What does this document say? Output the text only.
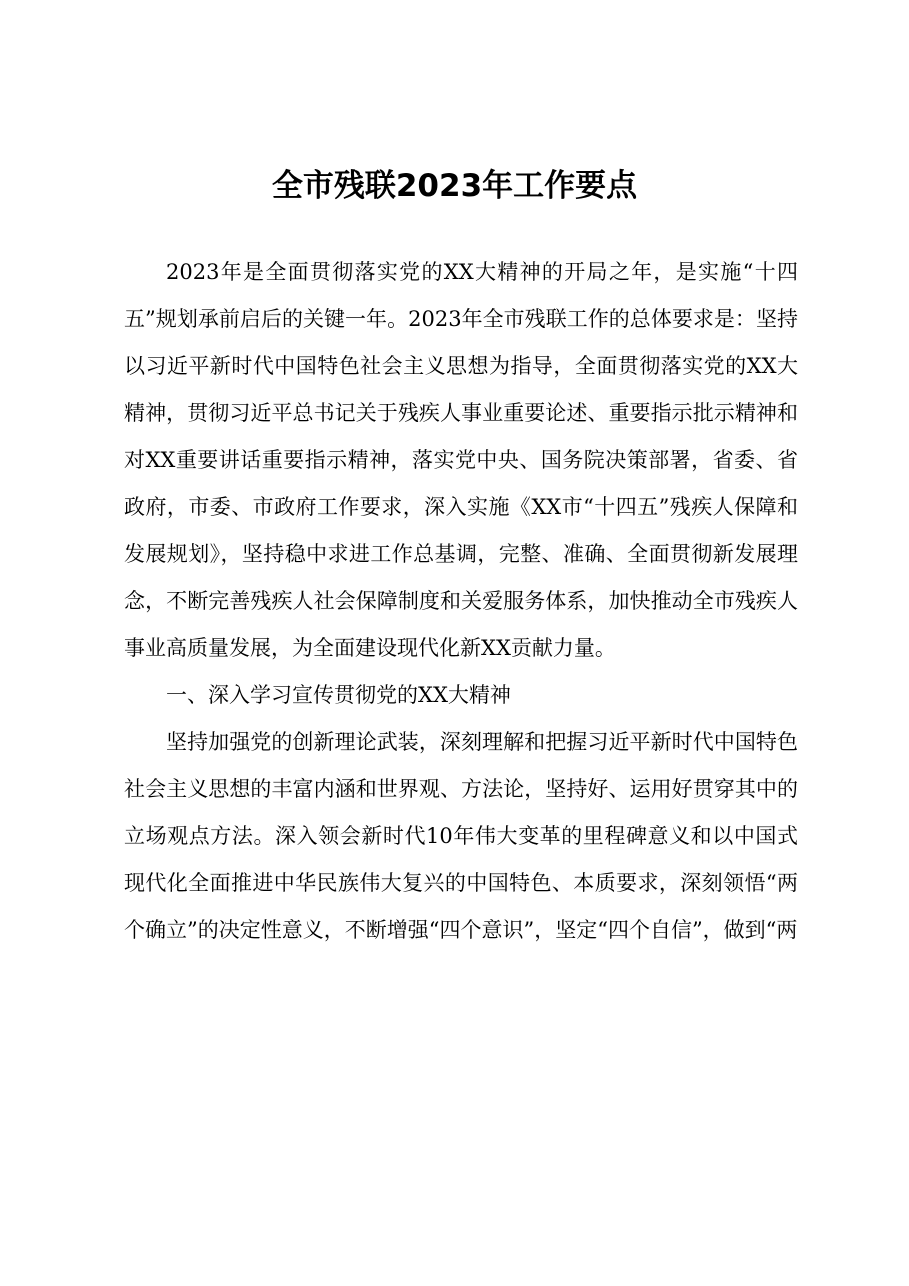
全市残联2023年工作要点

2023年是全面贯彻落实党的XX大精神的开局之年，是实施“十四五”规划承前启后的关键一年。2023年全市残联工作的总体要求是：坚持以习近平新时代中国特色社会主义思想为指导，全面贯彻落实党的XX大精神，贯彻习近平总书记关于残疾人事业重要论述、重要指示批示精神和对XX重要讲话重要指示精神，落实党中央、国务院决策部署，省委、省政府，市委、市政府工作要求，深入实施《XX市“十四五”残疾人保障和发展规划》，坚持稳中求进工作总基调，完整、准确、全面贯彻新发展理念，不断完善残疾人社会保障制度和关爱服务体系，加快推动全市残疾人事业高质量发展，为全面建设现代化新XX贡献力量。

一、深入学习宣传贯彻党的XX大精神

坚持加强党的创新理论武装，深刻理解和把握习近平新时代中国特色社会主义思想的丰富内涵和世界观、方法论，坚持好、运用好贯穿其中的立场观点方法。深入领会新时代10年伟大变革的里程碑意义和以中国式现代化全面推进中华民族伟大复兴的中国特色、本质要求，深刻领悟“两个确立”的决定性意义，不断增强“四个意识”，坚定“四个自信”，做到“两
